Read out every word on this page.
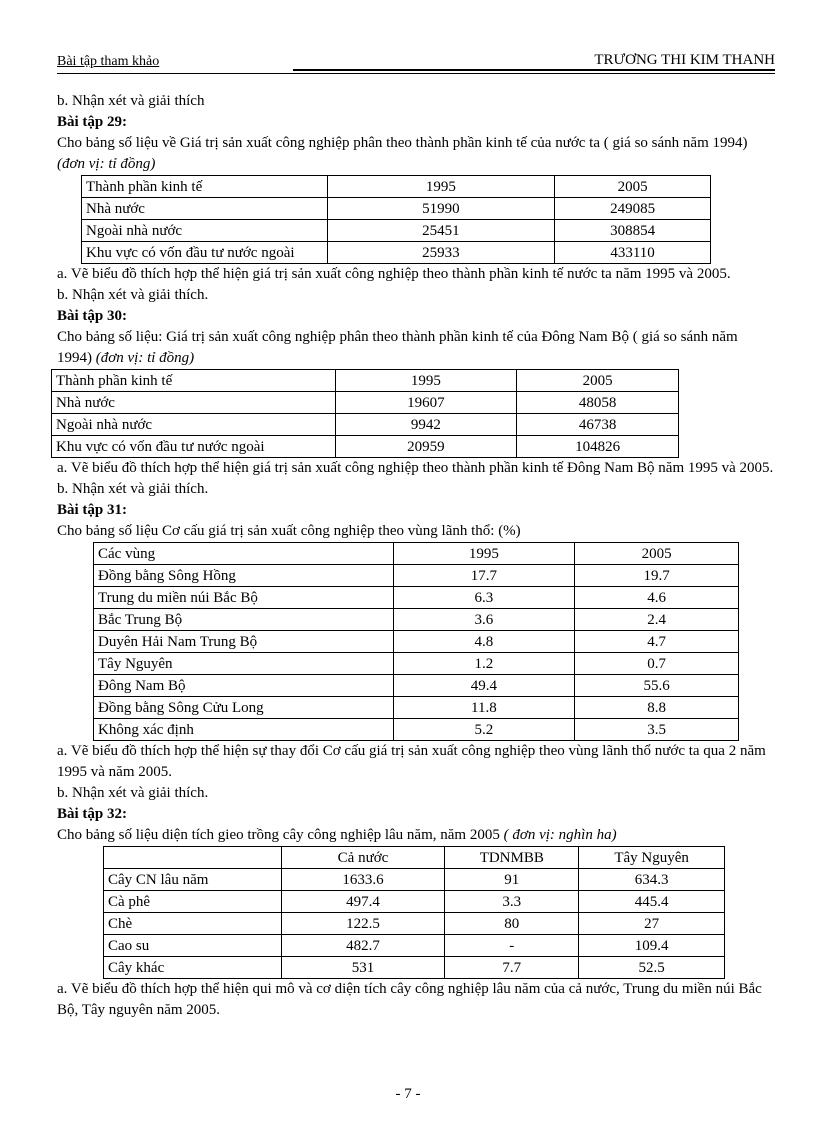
Bài tập tham khảo	TRƯƠNG THI KIM THANH

b. Nhận xét và giải thích

Bài tập 29:

Cho bảng số liệu về Giá trị sản xuất công nghiệp phân theo thành phần kinh tế của nước ta ( giá so sánh năm 1994) (đơn vị: tỉ đồng)

Thành phần kinh tế	1995	2005
Nhà nước	51990	249085
Ngoài nhà nước	25451	308854
Khu vực có vốn đầu tư nước ngoài	25933	433110

a. Vẽ biểu đồ thích hợp thể hiện giá trị sản xuất công nghiệp theo thành phần kinh tế nước ta năm 1995 và 2005.

b. Nhận xét và giải thích.

Bài tập 30:

Cho bảng số liệu: Giá trị sản xuất công nghiệp phân theo thành phần kinh tế của Đông Nam Bộ ( giá so sánh năm 1994) (đơn vị: tỉ đồng)

Thành phần kinh tế	1995	2005
Nhà nước	19607	48058
Ngoài nhà nước	9942	46738
Khu vực có vốn đầu tư nước ngoài	20959	104826

a. Vẽ biểu đồ thích hợp thể hiện giá trị sản xuất công nghiệp theo thành phần kinh tế Đông Nam Bộ năm 1995 và 2005.

b. Nhận xét và giải thích.

Bài tập 31:

Cho bảng số liệu Cơ cấu giá trị sản xuất công nghiệp theo vùng lãnh thổ: (%)

Các vùng	1995	2005
Đồng bằng Sông Hồng	17.7	19.7
Trung du miền núi Bắc Bộ	6.3	4.6
Bắc Trung Bộ	3.6	2.4
Duyên Hải Nam Trung Bộ	4.8	4.7
Tây Nguyên	1.2	0.7
Đông Nam Bộ	49.4	55.6
Đồng bằng Sông Cửu Long	11.8	8.8
Không xác định	5.2	3.5

a. Vẽ biểu đồ thích hợp thể hiện sự thay đổi Cơ cấu giá trị sản xuất công nghiệp theo vùng lãnh thổ nước ta qua 2 năm 1995 và năm 2005.

b. Nhận xét và giải thích.

Bài tập 32:

Cho bảng số liệu diện tích gieo trồng cây công nghiệp lâu năm, năm 2005 ( đơn vị: nghìn ha)

	Cả nước	TDNMBB	Tây Nguyên
Cây CN lâu năm	1633.6	91	634.3
Cà phê	497.4	3.3	445.4
Chè	122.5	80	27
Cao su	482.7	-	109.4
Cây khác	531	7.7	52.5

a. Vẽ biểu đồ thích hợp thể hiện qui mô và cơ diện tích cây công nghiệp lâu năm của cả nước, Trung du miền núi Bắc Bộ, Tây nguyên năm 2005.

- 7 -
